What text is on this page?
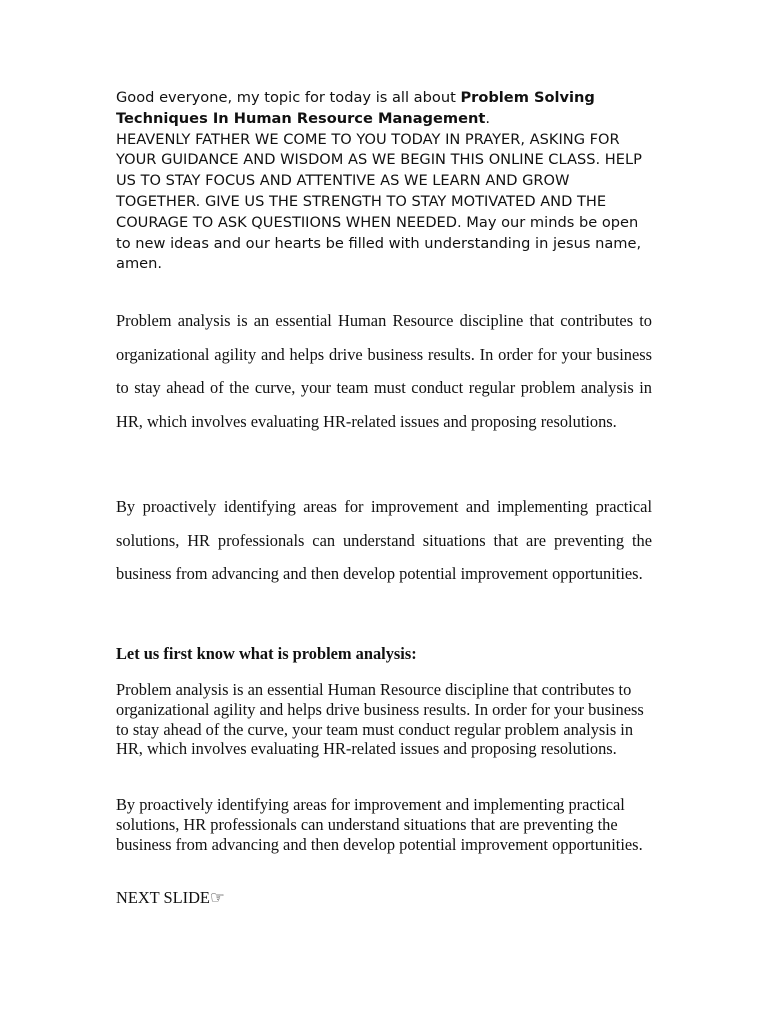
Good everyone, my topic for today is all about Problem Solving Techniques In Human Resource Management.
HEAVENLY FATHER WE COME TO YOU TODAY IN PRAYER, ASKING FOR YOUR GUIDANCE AND WISDOM AS WE BEGIN THIS ONLINE CLASS. HELP US TO STAY FOCUS AND ATTENTIVE AS WE LEARN AND GROW TOGETHER. GIVE US THE STRENGTH TO STAY MOTIVATED AND THE COURAGE TO ASK QUESTIIONS WHEN NEEDED. May our minds be open to new ideas and our hearts be filled with understanding in jesus name, amen.

Problem analysis is an essential Human Resource discipline that contributes to organizational agility and helps drive business results. In order for your business to stay ahead of the curve, your team must conduct regular problem analysis in HR, which involves evaluating HR-related issues and proposing resolutions.

By proactively identifying areas for improvement and implementing practical solutions, HR professionals can understand situations that are preventing the business from advancing and then develop potential improvement opportunities.

Let us first know what is problem analysis:

Problem analysis is an essential Human Resource discipline that contributes to organizational agility and helps drive business results. In order for your business to stay ahead of the curve, your team must conduct regular problem analysis in HR, which involves evaluating HR-related issues and proposing resolutions.

By proactively identifying areas for improvement and implementing practical solutions, HR professionals can understand situations that are preventing the business from advancing and then develop potential improvement opportunities.

NEXT SLIDE☞
